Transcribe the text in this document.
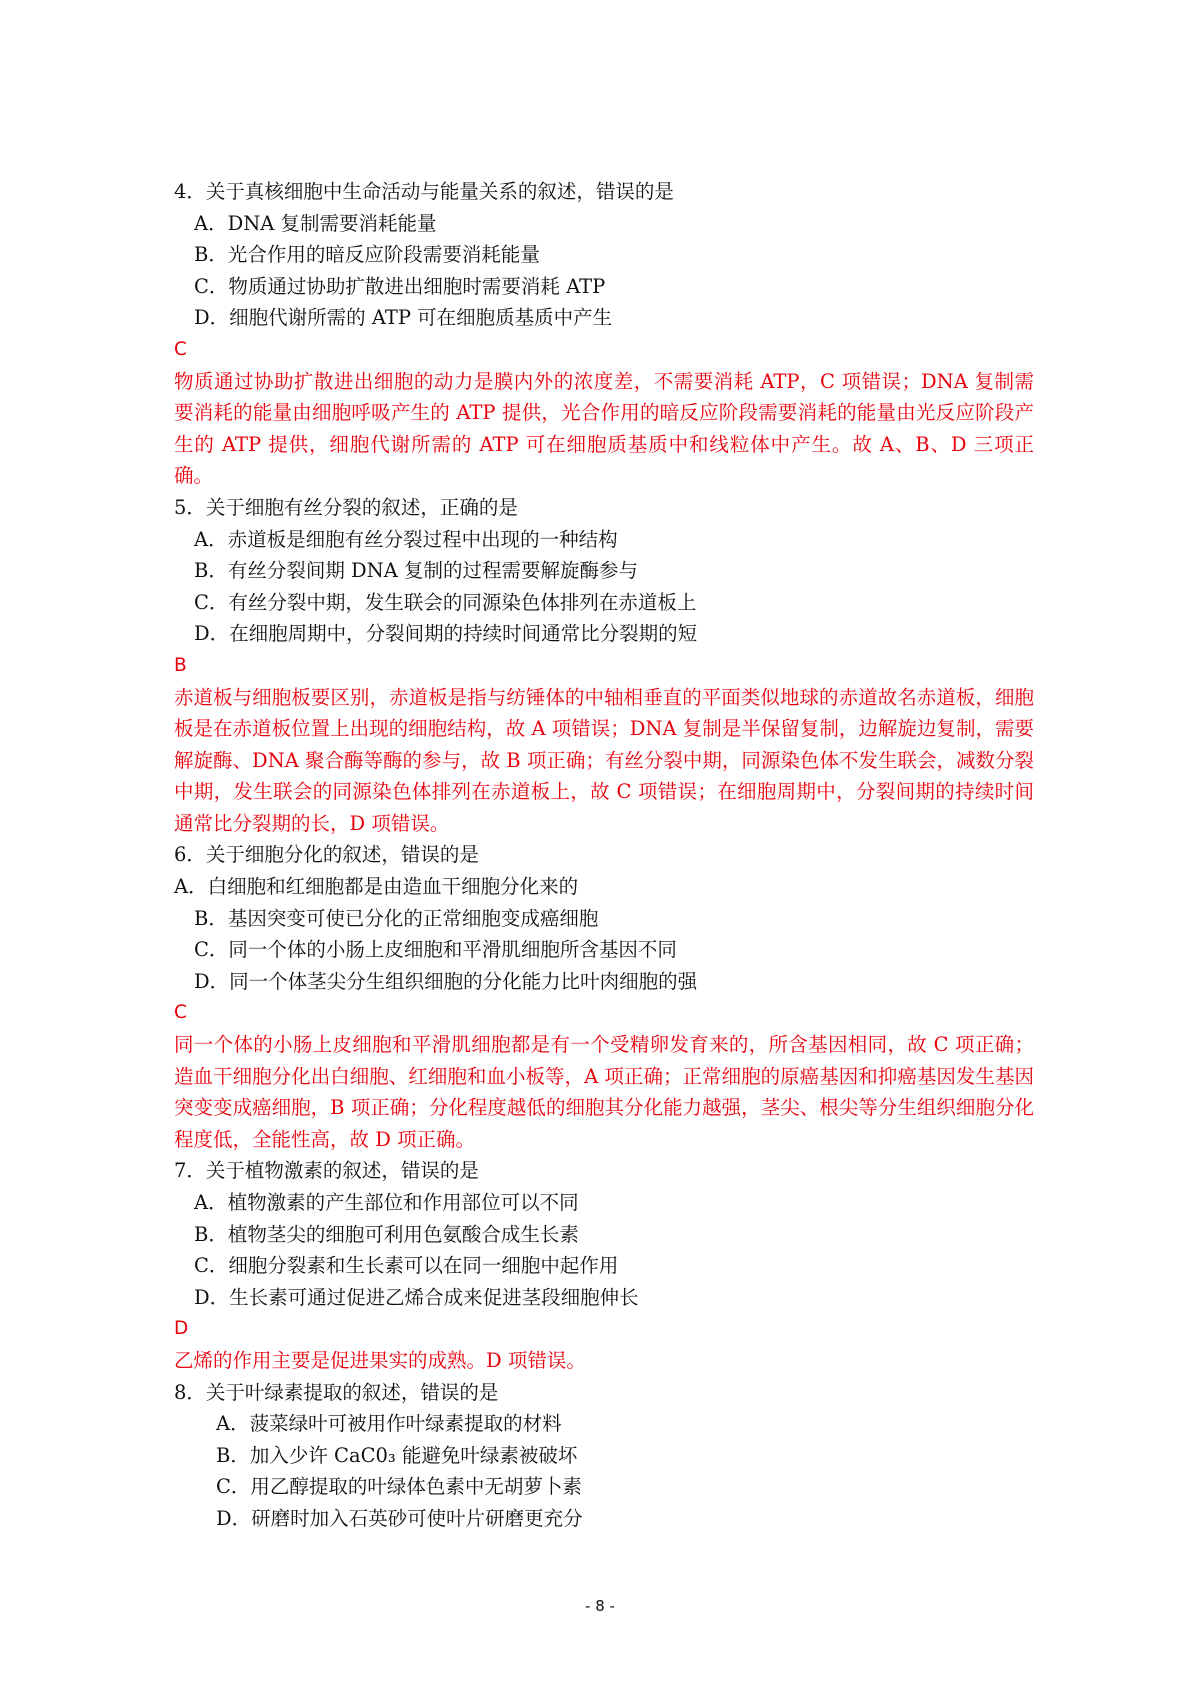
4．关于真核细胞中生命活动与能量关系的叙述，错误的是

A．DNA 复制需要消耗能量

B．光合作用的暗反应阶段需要消耗能量

C．物质通过协助扩散进出细胞时需要消耗 ATP

D．细胞代谢所需的 ATP 可在细胞质基质中产生

C

物质通过协助扩散进出细胞的动力是膜内外的浓度差，不需要消耗 ATP，C 项错误；DNA 复制需要消耗的能量由细胞呼吸产生的 ATP 提供，光合作用的暗反应阶段需要消耗的能量由光反应阶段产生的 ATP 提供，细胞代谢所需的 ATP 可在细胞质基质中和线粒体中产生。故 A、B、D 三项正确。

5．关于细胞有丝分裂的叙述，正确的是

A．赤道板是细胞有丝分裂过程中出现的一种结构

B．有丝分裂间期 DNA 复制的过程需要解旋酶参与

C．有丝分裂中期，发生联会的同源染色体排列在赤道板上

D．在细胞周期中，分裂间期的持续时间通常比分裂期的短

B

赤道板与细胞板要区别，赤道板是指与纺锤体的中轴相垂直的平面类似地球的赤道故名赤道板，细胞板是在赤道板位置上出现的细胞结构，故 A 项错误；DNA 复制是半保留复制，边解旋边复制，需要解旋酶、DNA 聚合酶等酶的参与，故 B 项正确；有丝分裂中期，同源染色体不发生联会，减数分裂中期，发生联会的同源染色体排列在赤道板上，故 C 项错误；在细胞周期中，分裂间期的持续时间通常比分裂期的长，D 项错误。

6．关于细胞分化的叙述，错误的是

A．白细胞和红细胞都是由造血干细胞分化来的

B．基因突变可使已分化的正常细胞变成癌细胞

C．同一个体的小肠上皮细胞和平滑肌细胞所含基因不同

D．同一个体茎尖分生组织细胞的分化能力比叶肉细胞的强

C

同一个体的小肠上皮细胞和平滑肌细胞都是有一个受精卵发育来的，所含基因相同，故 C 项正确；造血干细胞分化出白细胞、红细胞和血小板等，A 项正确；正常细胞的原癌基因和抑癌基因发生基因突变变成癌细胞，B 项正确；分化程度越低的细胞其分化能力越强，茎尖、根尖等分生组织细胞分化程度低，全能性高，故 D 项正确。

7．关于植物激素的叙述，错误的是

A．植物激素的产生部位和作用部位可以不同

B．植物茎尖的细胞可利用色氨酸合成生长素

C．细胞分裂素和生长素可以在同一细胞中起作用

D．生长素可通过促进乙烯合成来促进茎段细胞伸长

D

乙烯的作用主要是促进果实的成熟。D 项错误。

8．关于叶绿素提取的叙述，错误的是

A．菠菜绿叶可被用作叶绿素提取的材料

B．加入少许 CaC0₃ 能避免叶绿素被破坏

C．用乙醇提取的叶绿体色素中无胡萝卜素

D．研磨时加入石英砂可使叶片研磨更充分

- 8 -
